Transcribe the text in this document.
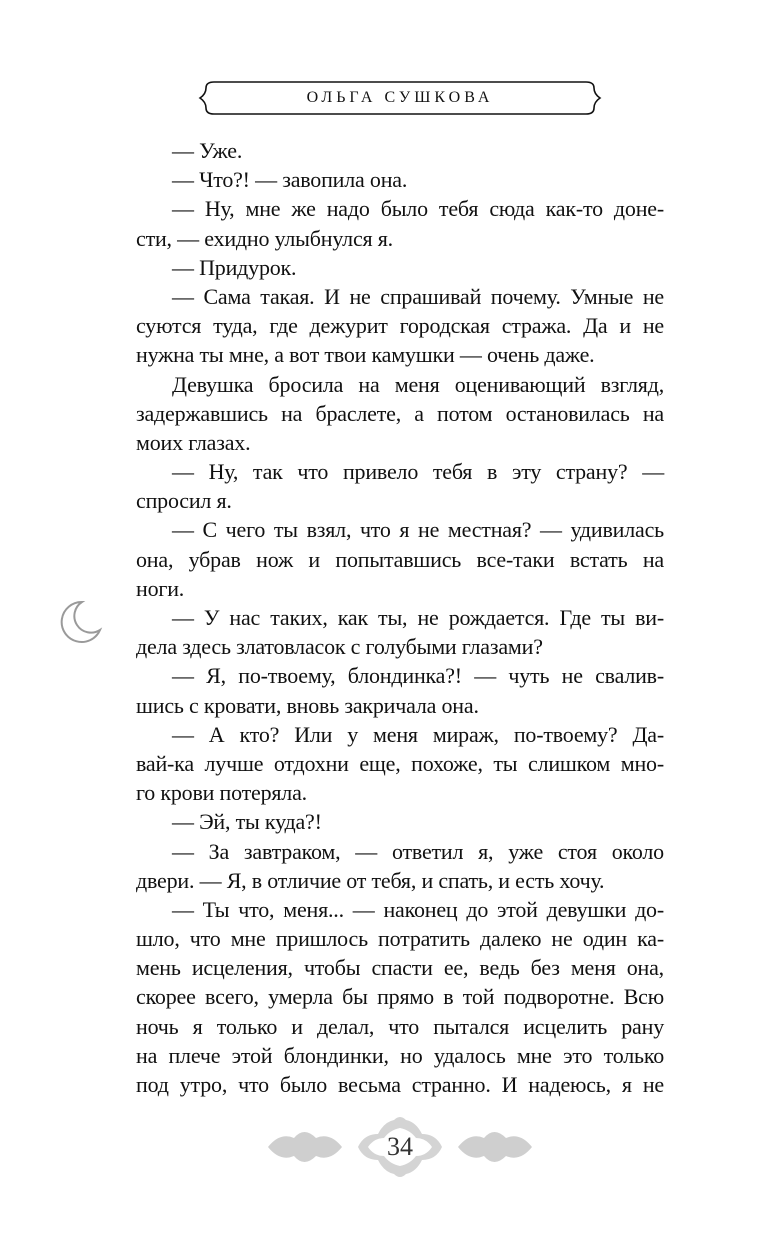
ОЛЬГА СУШКОВА
— Уже.
— Что?! — завопила она.
— Ну, мне же надо было тебя сюда как-то доне-
сти, — ехидно улыбнулся я.
— Придурок.
— Сама такая. И не спрашивай почему. Умные не
суются туда, где дежурит городская стража. Да и не
нужна ты мне, а вот твои камушки — очень даже.
Девушка бросила на меня оценивающий взгляд,
задержавшись на браслете, а потом остановилась на
моих глазах.
— Ну, так что привело тебя в эту страну? —
спросил я.
— С чего ты взял, что я не местная? — удивилась
она, убрав нож и попытавшись все-таки встать на
ноги.
— У нас таких, как ты, не рождается. Где ты ви-
дела здесь златовласок с голубыми глазами?
— Я, по-твоему, блондинка?! — чуть не свалив-
шись с кровати, вновь закричала она.
— А кто? Или у меня мираж, по-твоему? Да-
вай-ка лучше отдохни еще, похоже, ты слишком мно-
го крови потеряла.
— Эй, ты куда?!
— За завтраком, — ответил я, уже стоя около
двери. — Я, в отличие от тебя, и спать, и есть хочу.
— Ты что, меня... — наконец до этой девушки до-
шло, что мне пришлось потратить далеко не один ка-
мень исцеления, чтобы спасти ее, ведь без меня она,
скорее всего, умерла бы прямо в той подворотне. Всю
ночь я только и делал, что пытался исцелить рану
на плече этой блондинки, но удалось мне это только
под утро, что было весьма странно. И надеюсь, я не
34
